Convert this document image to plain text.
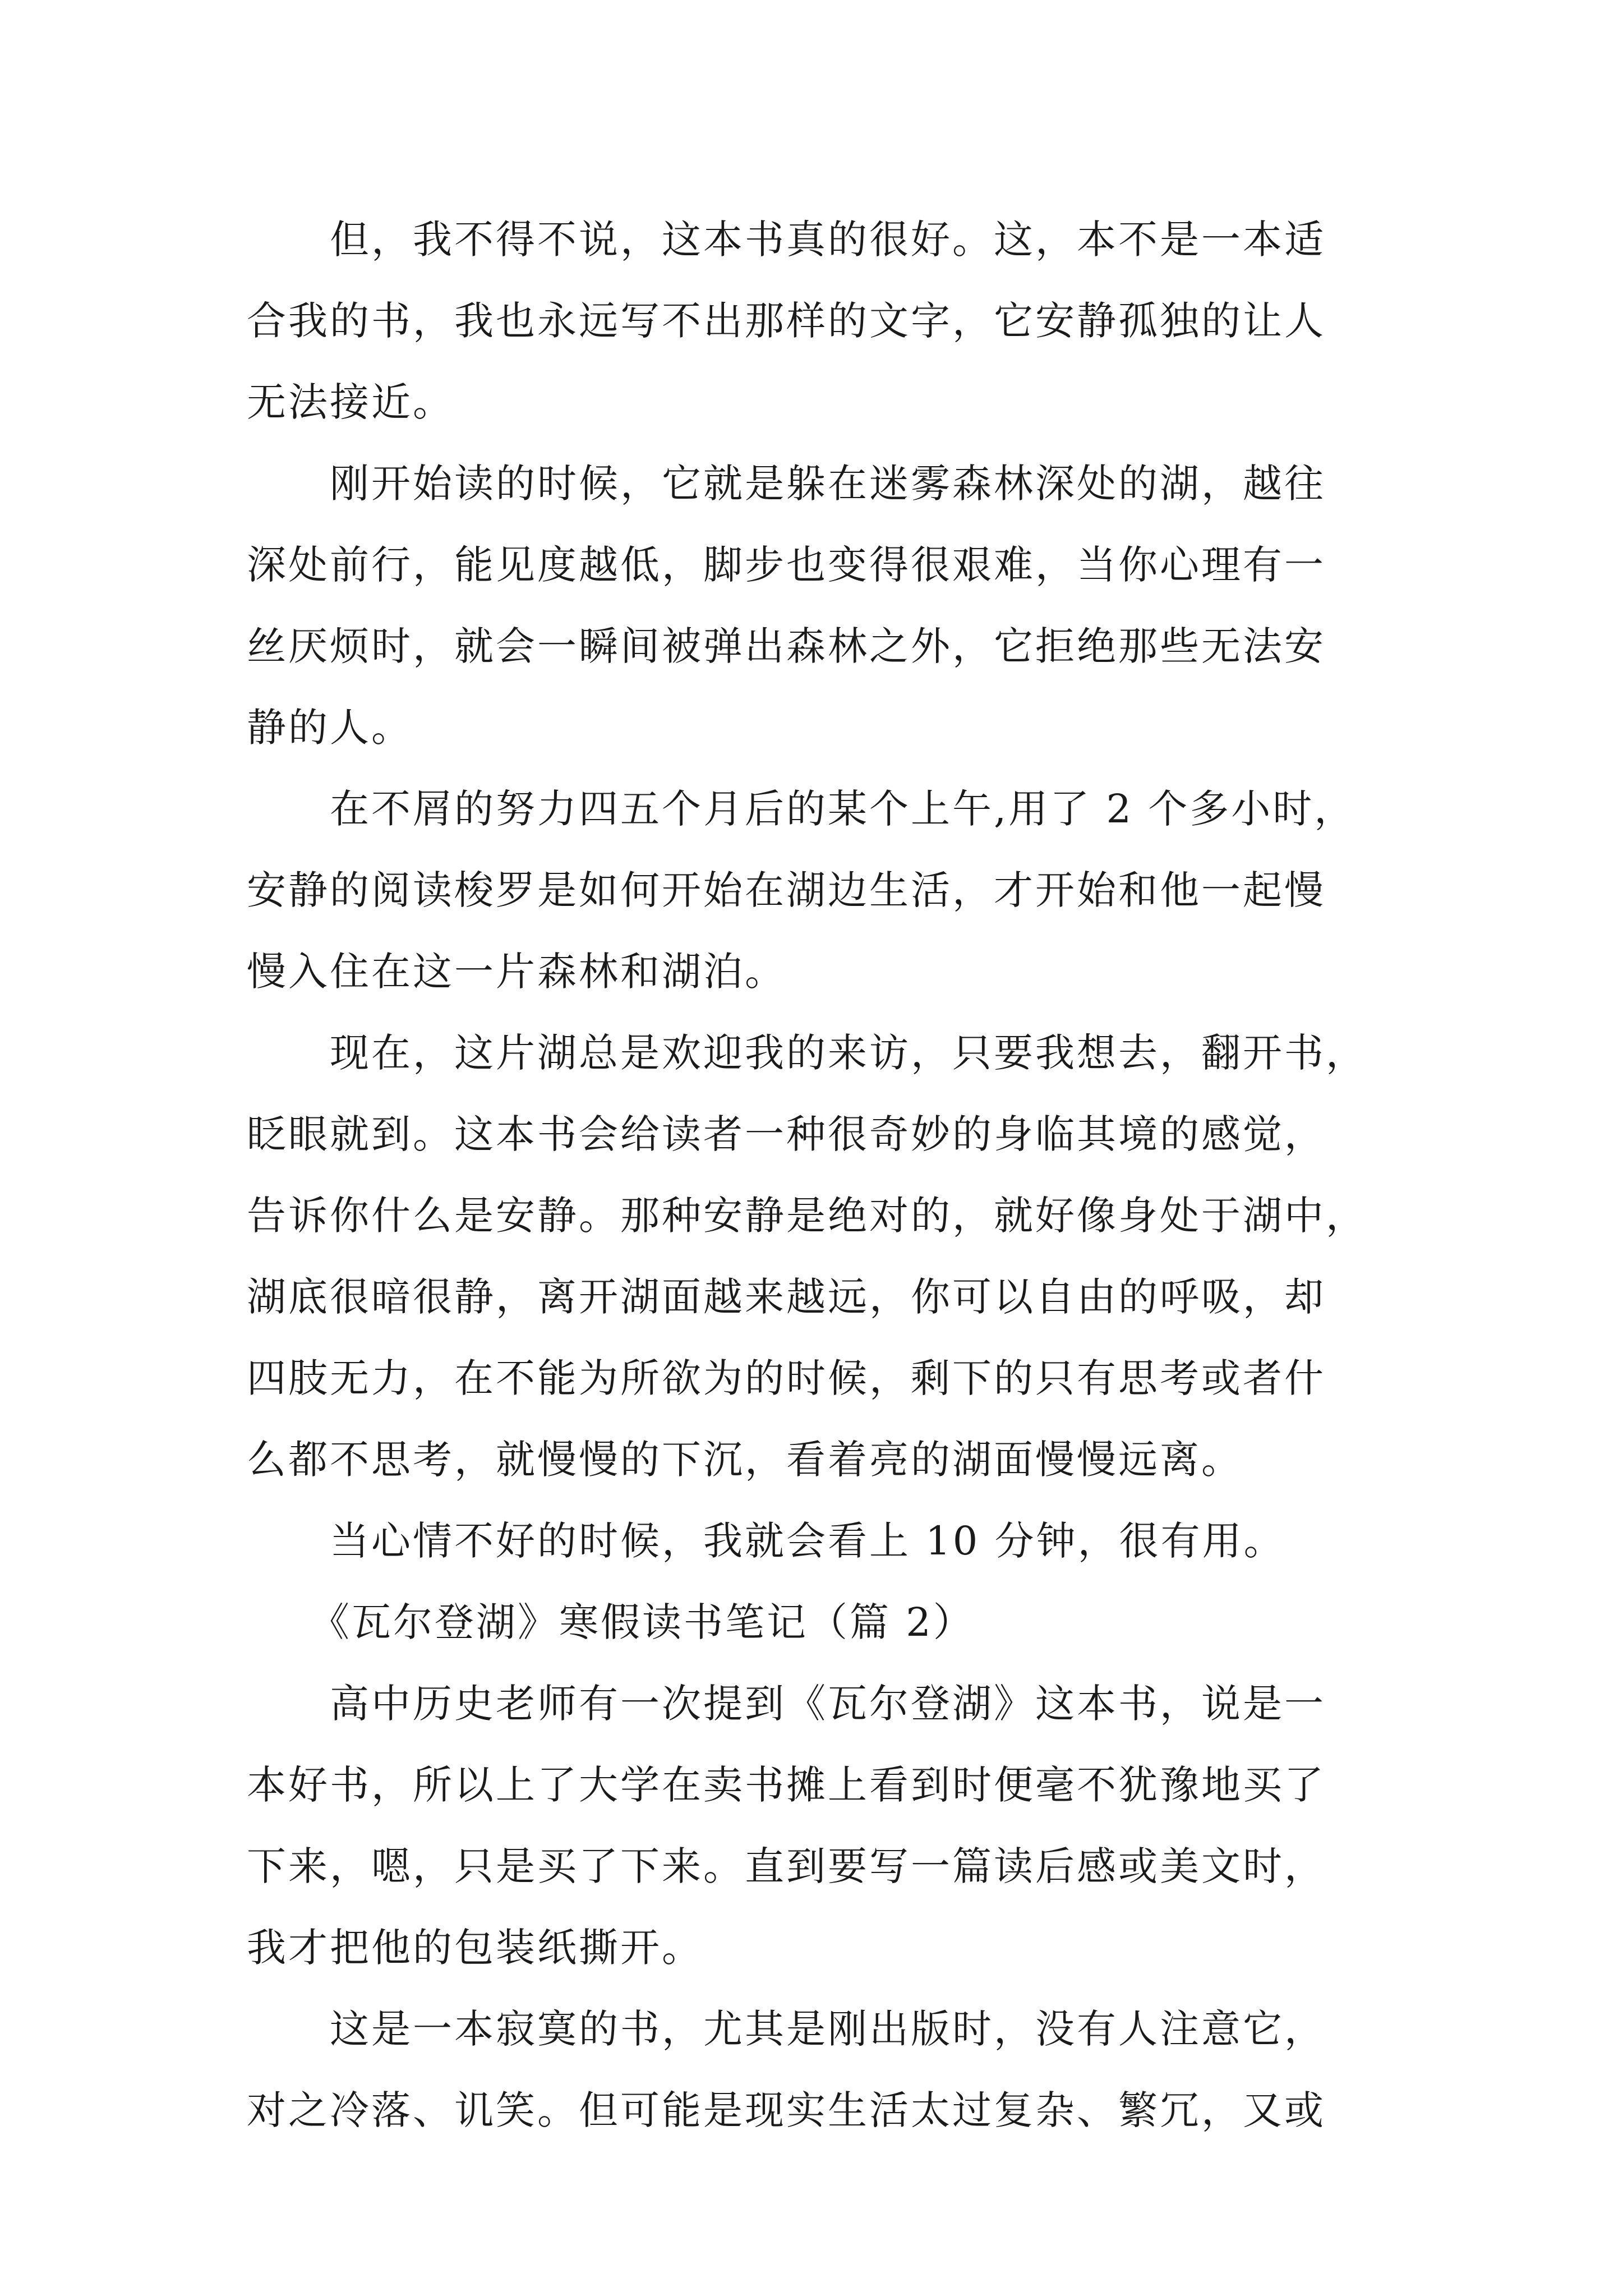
　　但，我不得不说，这本书真的很好。这，本不是一本适
合我的书，我也永远写不出那样的文字，它安静孤独的让人
无法接近。
　　刚开始读的时候，它就是躲在迷雾森林深处的湖，越往
深处前行，能见度越低，脚步也变得很艰难，当你心理有一
丝厌烦时，就会一瞬间被弹出森林之外，它拒绝那些无法安
静的人。
　　在不屑的努力四五个月后的某个上午,用了 2 个多小时，
安静的阅读梭罗是如何开始在湖边生活，才开始和他一起慢
慢入住在这一片森林和湖泊。
　　现在，这片湖总是欢迎我的来访，只要我想去，翻开书，
眨眼就到。这本书会给读者一种很奇妙的身临其境的感觉，
告诉你什么是安静。那种安静是绝对的，就好像身处于湖中，
湖底很暗很静，离开湖面越来越远，你可以自由的呼吸，却
四肢无力，在不能为所欲为的时候，剩下的只有思考或者什
么都不思考，就慢慢的下沉，看着亮的湖面慢慢远离。
　　当心情不好的时候，我就会看上 10 分钟，很有用。
　　《瓦尔登湖》寒假读书笔记（篇 2）
　　高中历史老师有一次提到《瓦尔登湖》这本书，说是一
本好书，所以上了大学在卖书摊上看到时便毫不犹豫地买了
下来，嗯，只是买了下来。直到要写一篇读后感或美文时，
我才把他的包装纸撕开。
　　这是一本寂寞的书，尤其是刚出版时，没有人注意它，
对之冷落、讥笑。但可能是现实生活太过复杂、繁冗，又或
